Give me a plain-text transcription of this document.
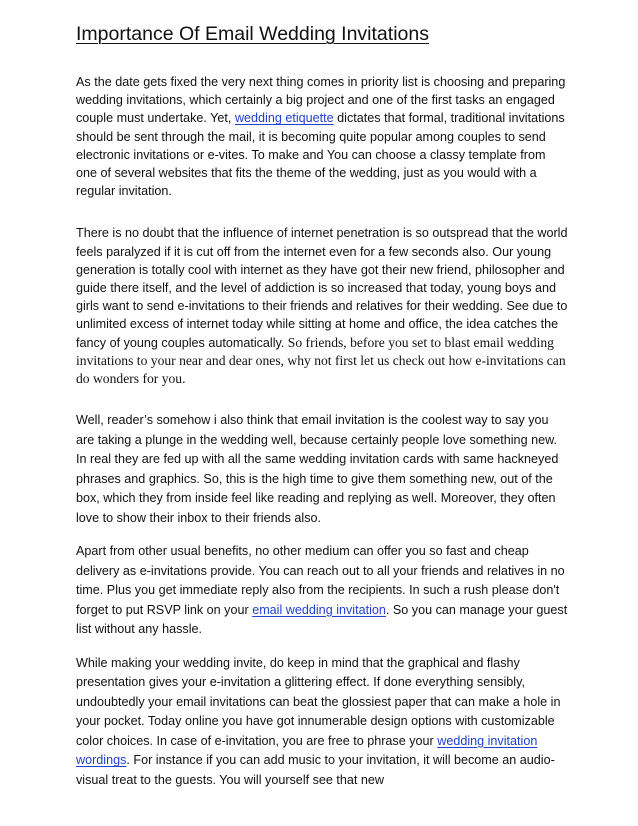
Importance Of Email Wedding Invitations

As the date gets fixed the very next thing comes in priority list is choosing and preparing wedding invitations, which certainly a big project and one of the first tasks an engaged couple must undertake. Yet, wedding etiquette dictates that formal, traditional invitations should be sent through the mail, it is becoming quite popular among couples to send electronic invitations or e-vites. To make and You can choose a classy template from one of several websites that fits the theme of the wedding, just as you would with a regular invitation.

There is no doubt that the influence of internet penetration is so outspread that the world feels paralyzed if it is cut off from the internet even for a few seconds also. Our young generation is totally cool with internet as they have got their new friend, philosopher and guide there itself, and the level of addiction is so increased that today, young boys and girls want to send e-invitations to their friends and relatives for their wedding. See due to unlimited excess of internet today while sitting at home and office, the idea catches the fancy of young couples automatically. So friends, before you set to blast email wedding invitations to your near and dear ones, why not first let us check out how e-invitations can do wonders for you.

Well, reader’s somehow i also think that email invitation is the coolest way to say you are taking a plunge in the wedding well, because certainly people love something new. In real they are fed up with all the same wedding invitation cards with same hackneyed phrases and graphics. So, this is the high time to give them something new, out of the box, which they from inside feel like reading and replying as well. Moreover, they often love to show their inbox to their friends also.

Apart from other usual benefits, no other medium can offer you so fast and cheap delivery as e-invitations provide. You can reach out to all your friends and relatives in no time. Plus you get immediate reply also from the recipients. In such a rush please don't forget to put RSVP link on your email wedding invitation. So you can manage your guest list without any hassle.

While making your wedding invite, do keep in mind that the graphical and flashy presentation gives your e-invitation a glittering effect. If done everything sensibly, undoubtedly your email invitations can beat the glossiest paper that can make a hole in your pocket. Today online you have got innumerable design options with customizable color choices. In case of e-invitation, you are free to phrase your wedding invitation wordings. For instance if you can add music to your invitation, it will become an audio-visual treat to the guests. You will yourself see that new
